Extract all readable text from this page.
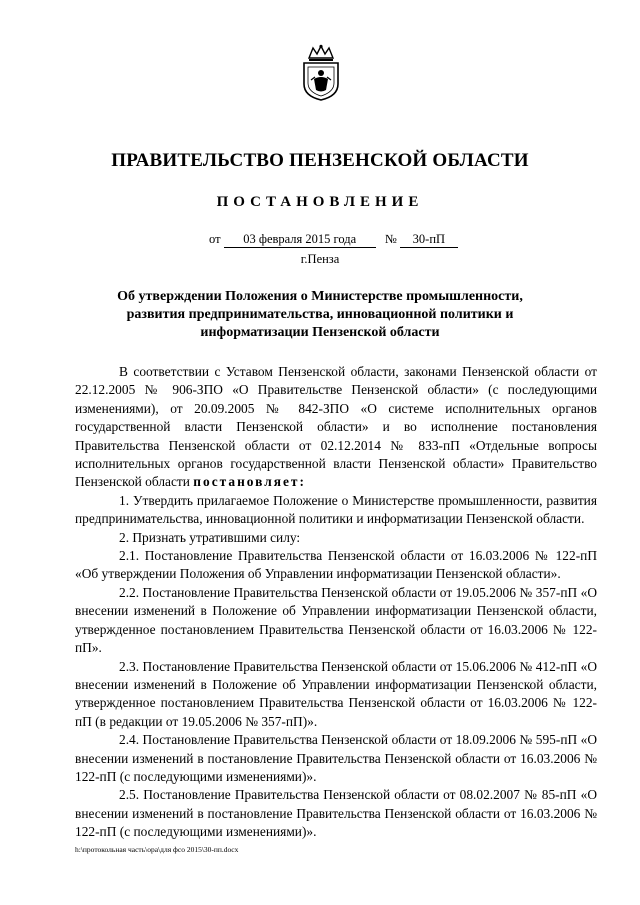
ПРАВИТЕЛЬСТВО ПЕНЗЕНСКОЙ ОБЛАСТИ
ПОСТАНОВЛЕНИЕ
от 03 февраля 2015 года № 30-пП
г.Пенза
Об утверждении Положения о Министерстве промышленности, развития предпринимательства, инновационной политики и информатизации Пензенской области

В соответствии с Уставом Пензенской области, законами Пензенской области от 22.12.2005 № 906-ЗПО «О Правительстве Пензенской области» (с последующими изменениями), от 20.09.2005 № 842-ЗПО «О системе исполнительных органов государственной власти Пензенской области» и во исполнение постановления Правительства Пензенской области от 02.12.2014 № 833-пП «Отдельные вопросы исполнительных органов государственной власти Пензенской области» Правительство Пензенской области постановляет:

1. Утвердить прилагаемое Положение о Министерстве промышленности, развития предпринимательства, инновационной политики и информатизации Пензенской области.

2. Признать утратившими силу:

2.1. Постановление Правительства Пензенской области от 16.03.2006 № 122-пП «Об утверждении Положения об Управлении информатизации Пензенской области».

2.2. Постановление Правительства Пензенской области от 19.05.2006 № 357-пП «О внесении изменений в Положение об Управлении информатизации Пензенской области, утвержденное постановлением Правительства Пензенской области от 16.03.2006 № 122-пП».

2.3. Постановление Правительства Пензенской области от 15.06.2006 № 412-пП «О внесении изменений в Положение об Управлении информатизации Пензенской области, утвержденное постановлением Правительства Пензенской области от 16.03.2006 № 122-пП (в редакции от 19.05.2006 № 357-пП)».

2.4. Постановление Правительства Пензенской области от 18.09.2006 № 595-пП «О внесении изменений в постановление Правительства Пензенской области от 16.03.2006 № 122-пП (с последующими изменениями)».

2.5. Постановление Правительства Пензенской области от 08.02.2007 № 85-пП «О внесении изменений в постановление Правительства Пензенской области от 16.03.2006 № 122-пП (с последующими изменениями)».

h:\протокольная часть\ора\для фсо 2015\30-пп.docx
